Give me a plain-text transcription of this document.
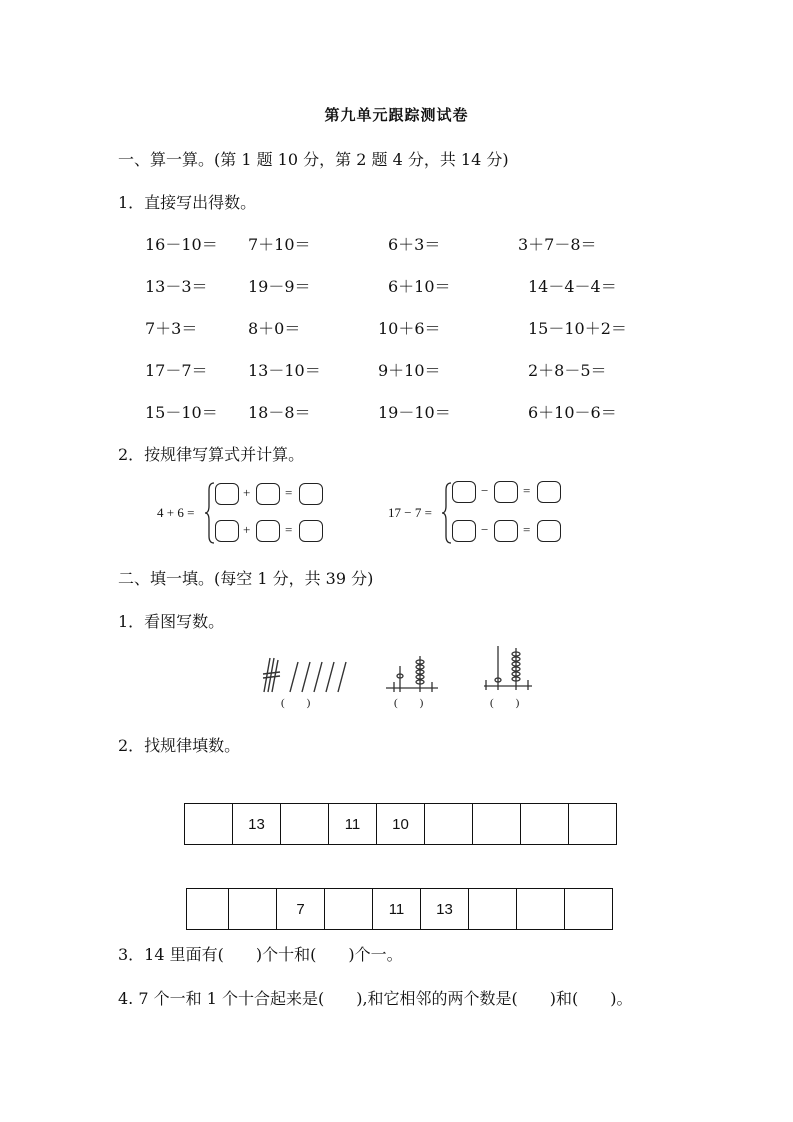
第九单元跟踪测试卷
一、算一算。(第 1 题 10 分，第 2 题 4 分，共 14 分)
1．直接写出得数。
16－10＝ 7＋10＝	6＋3＝	3＋7－8＝
13－3＝	19－9＝	6＋10＝	14－4－4＝
7＋3＝	8＋0＝	10＋6＝	15－10＋2＝
17－7＝	13－10＝	9＋10＝	2＋8－5＝
15－10＝ 18－8＝	19－10＝	6＋10－6＝
2．按规律写算式并计算。
4 + 6 =
+	=
+	=
17 − 7 =
−	=
−	=
二、填一填。(每空 1 分，共 39 分)
1．看图写数。
(　　)	(　　)	(　　)
2．找规律填数。
	13		11	10				
		7		11	13			
3．14 里面有(　　)个十和(　　)个一。
4. 7 个一和 1 个十合起来是(　　),和它相邻的两个数是(　　)和(　　)。
